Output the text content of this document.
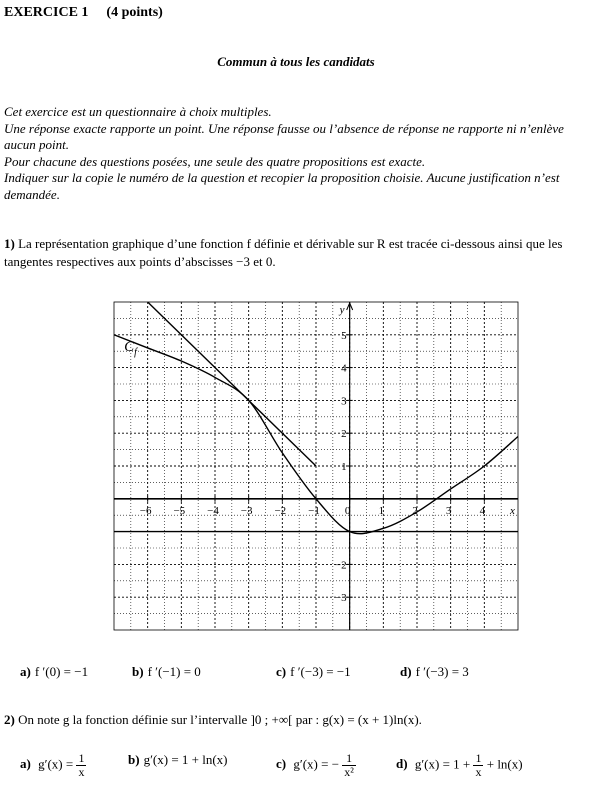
EXERCICE 1 (4 points)
Commun à tous les candidats

Cet exercice est un questionnaire à choix multiples.

Une réponse exacte rapporte un point. Une réponse fausse ou l’absence de réponse ne rapporte ni n’enlève aucun point.

Pour chacune des questions posées, une seule des quatre propositions est exacte.

Indiquer sur la copie le numéro de la question et recopier la proposition choisie. Aucune justification n’est demandée.

1) La représentation graphique d’une fonction f définie et dérivable sur R est tracée ci-dessous ainsi que les tangentes respectives aux points d’abscisses −3 et 0.
−6 −5 −4 −3 −2 −1 0	1	2	3	4
5
4
3
2
1
−2
−3
x
y
$C_f$
a) f ′(0) = −1	b) f ′(−1) = 0	c) f ′(−3) = −1	d) f ′(−3) = 3
2) On note g la fonction définie sur l’intervalle ]0 ; +∞[ par : g(x) = (x + 1)ln(x).
a) $g'(x) = \frac{1}{x}$	b) g′(x) = 1 + ln(x)	c) g′(x) = − $\frac{1}{\text{x²}}$	d) $g'(x) = 1 + \frac{1}{x} + \ln(x)$
